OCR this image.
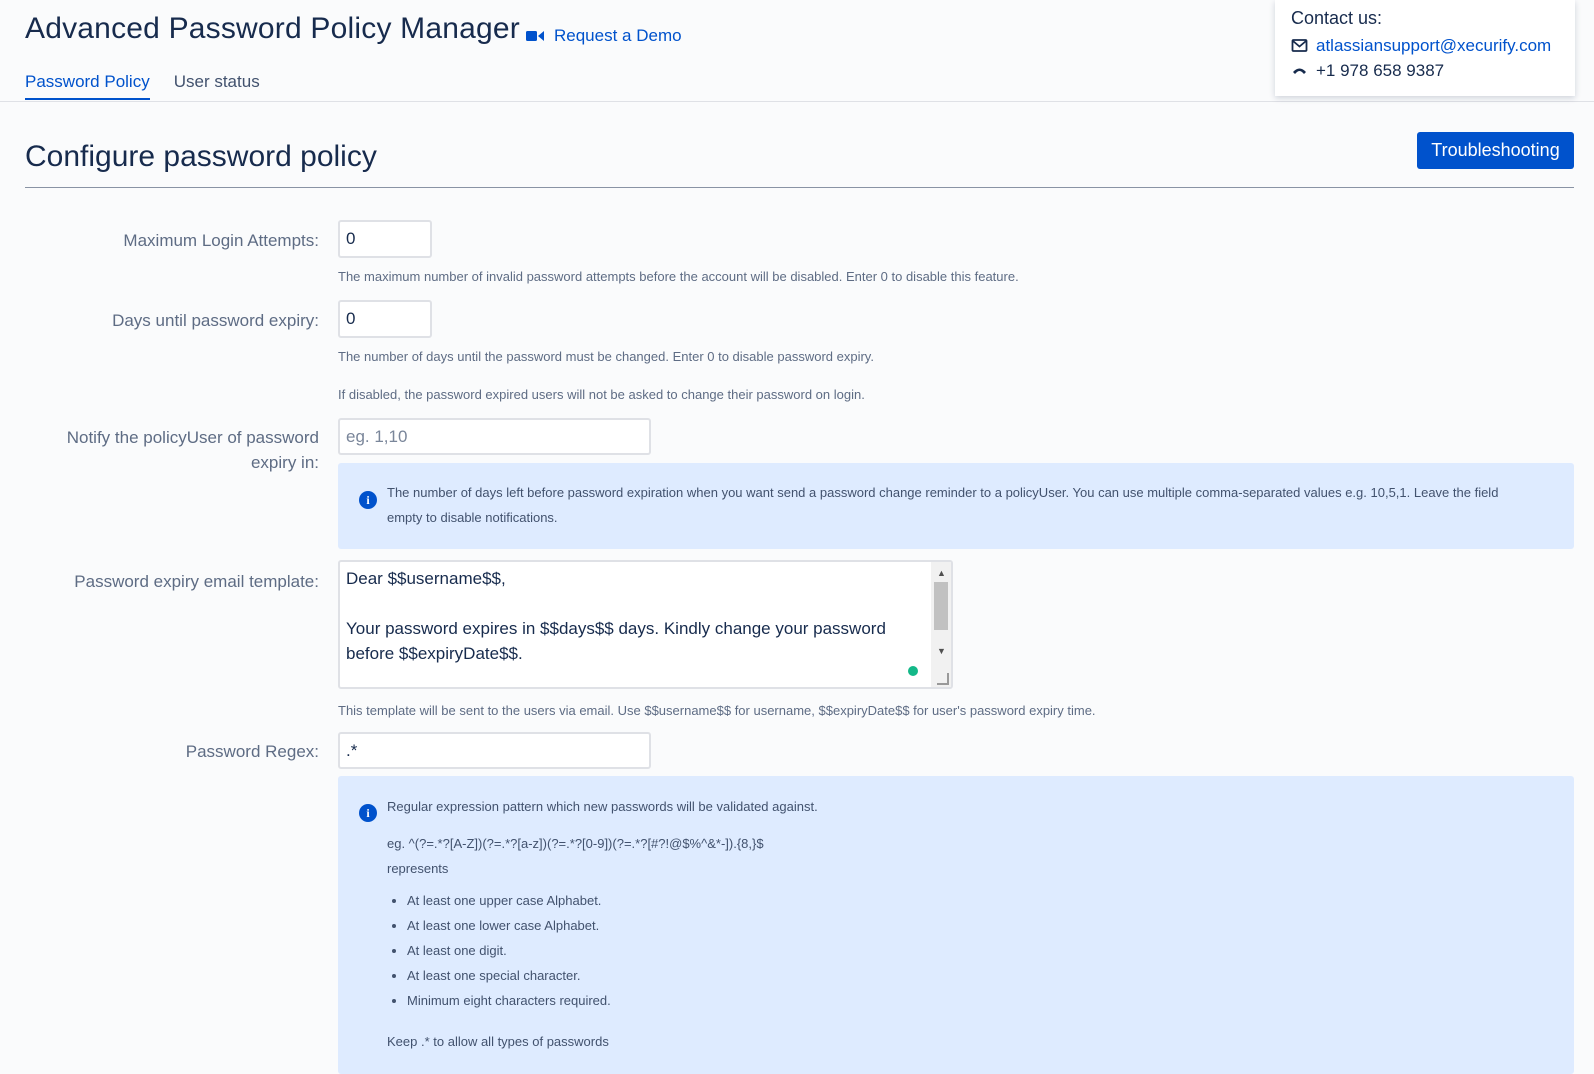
Advanced Password Policy Manager Request a Demo
Password Policy User status
Contact us:
atlassiansupport@xecurify.com
+1 978 658 9387
Configure password policy	Troubleshooting
Maximum Login Attempts:
0
The maximum number of invalid password attempts before the account will be disabled. Enter 0 to disable this feature.
Days until password expiry:
0
The number of days until the password must be changed. Enter 0 to disable password expiry.
If disabled, the password expired users will not be asked to change their password on login.
Notify the policyUser of password
expiry in:
eg. 1,10
i	The number of days left before password expiration when you want send a password change reminder to a policyUser. You can use multiple comma-separated values e.g. 10,5,1. Leave the field
empty to disable notifications.
Password expiry email template: Dear $$username$$,
Your password expires in $$days$$ days. Kindly change your password
before $$expiryDate$$.
▲
▼
This template will be sent to the users via email. Use $$username$$ for username, $$expiryDate$$ for user's password expiry time.
Password Regex:
.*
i	Regular expression pattern which new passwords will be validated against.
eg. ^(?=.*?[A-Z])(?=.*?[a-z])(?=.*?[0-9])(?=.*?[#?!@$%^&*-]).{8,}$
represents
• At least one upper case Alphabet.
• At least one lower case Alphabet.
• At least one digit.
• At least one special character.
• Minimum eight characters required.
Keep .* to allow all types of passwords
